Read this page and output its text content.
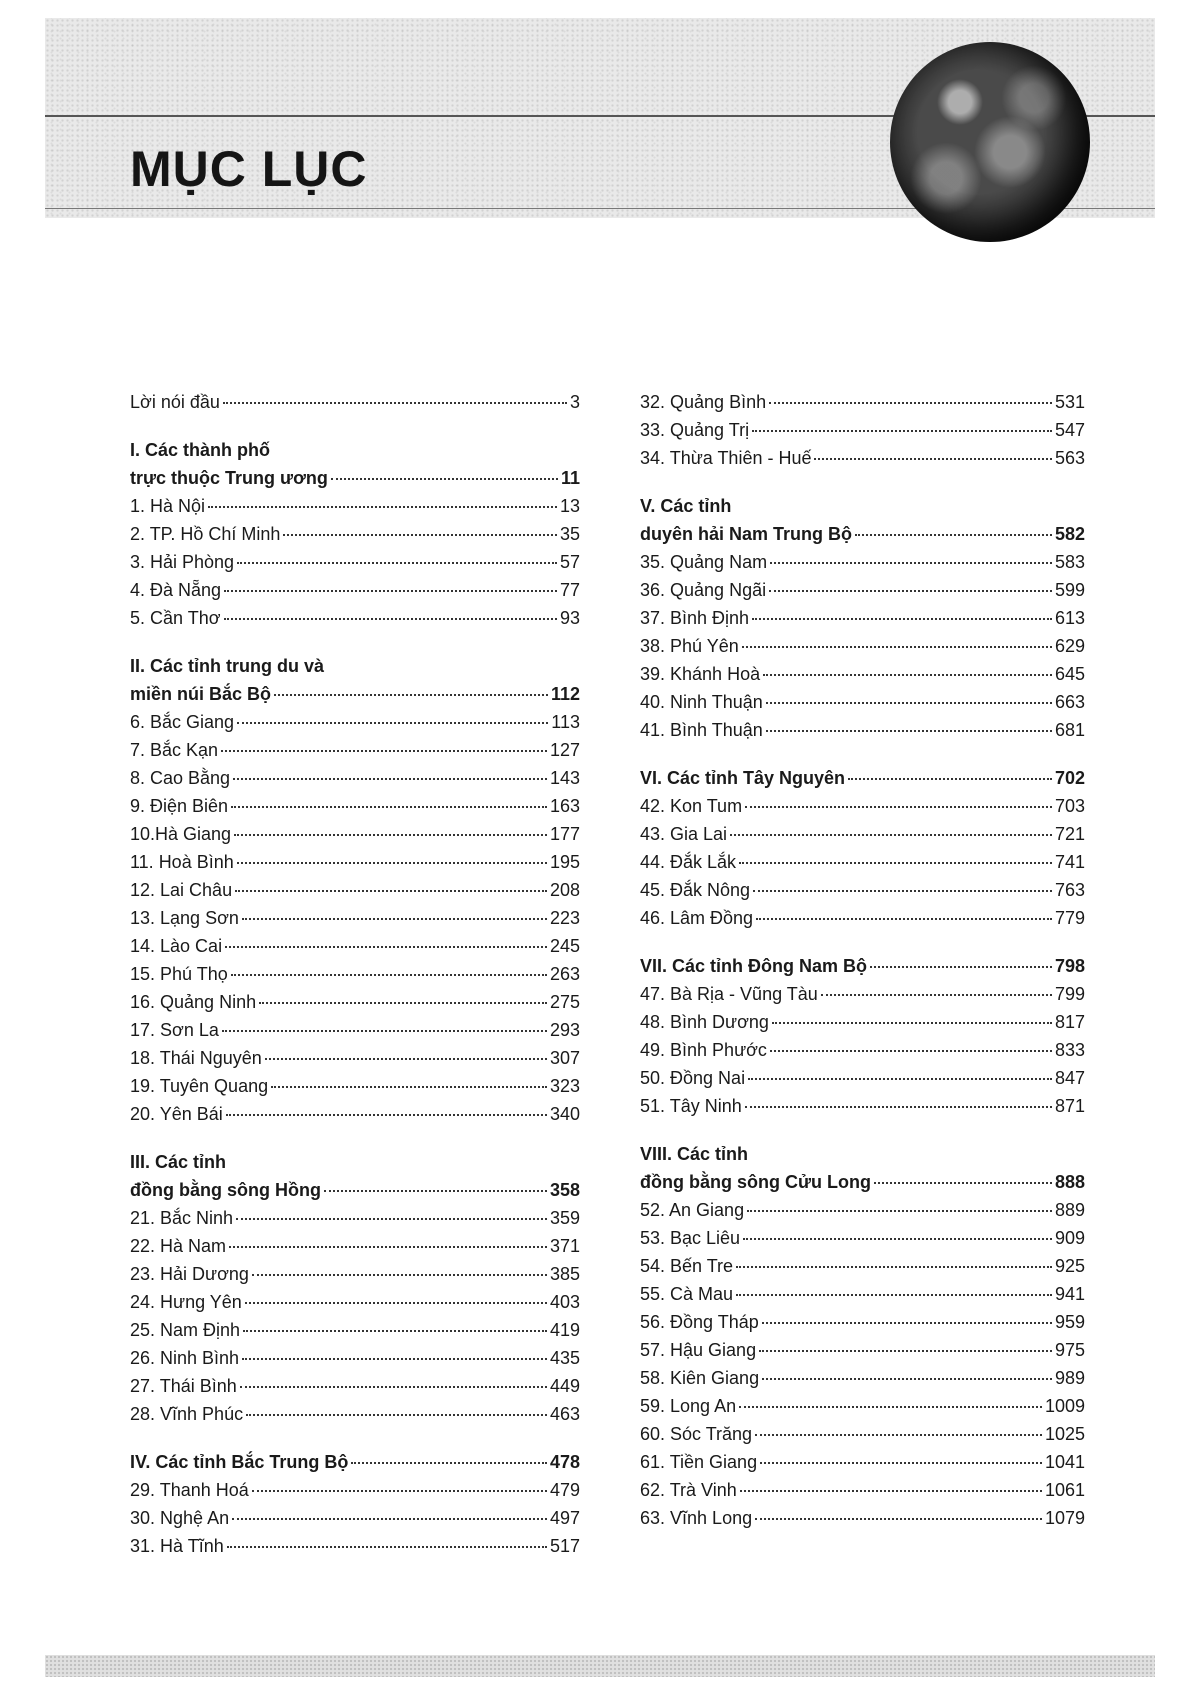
MỤC LỤC
Lời nói đầu	3
I. Các thành phố
trực thuộc Trung ương	11
1. Hà Nội	13
2. TP. Hồ Chí Minh	35
3. Hải Phòng	57
4. Đà Nẵng	77
5. Cần Thơ	93
II. Các tỉnh trung du và
miền núi Bắc Bộ	112
6. Bắc Giang	113
7. Bắc Kạn	127
8. Cao Bằng	143
9. Điện Biên	163
10.Hà Giang	177
11. Hoà Bình	195
12. Lai Châu	208
13. Lạng Sơn	223
14. Lào Cai	245
15. Phú Thọ	263
16. Quảng Ninh	275
17. Sơn La	293
18. Thái Nguyên	307
19. Tuyên Quang	323
20. Yên Bái	340
III. Các tỉnh
đồng bằng sông Hồng	358
21. Bắc Ninh	359
22. Hà Nam	371
23. Hải Dương	385
24. Hưng Yên	403
25. Nam Định	419
26. Ninh Bình	435
27. Thái Bình	449
28. Vĩnh Phúc	463
IV. Các tỉnh Bắc Trung Bộ	478
29. Thanh Hoá	479
30. Nghệ An	497
31. Hà Tĩnh	517
32. Quảng Bình	531
33. Quảng Trị	547
34. Thừa Thiên - Huế	563
V. Các tỉnh
duyên hải Nam Trung Bộ	582
35. Quảng Nam	583
36. Quảng Ngãi	599
37. Bình Định	613
38. Phú Yên	629
39. Khánh Hoà	645
40. Ninh Thuận	663
41. Bình Thuận	681
VI. Các tỉnh Tây Nguyên	702
42. Kon Tum	703
43. Gia Lai	721
44. Đắk Lắk	741
45. Đắk Nông	763
46. Lâm Đồng	779
VII. Các tỉnh Đông Nam Bộ	798
47. Bà Rịa - Vũng Tàu	799
48. Bình Dương	817
49. Bình Phước	833
50. Đồng Nai	847
51. Tây Ninh	871
VIII. Các tỉnh
đồng bằng sông Cửu Long	888
52. An Giang	889
53. Bạc Liêu	909
54. Bến Tre	925
55. Cà Mau	941
56. Đồng Tháp	959
57. Hậu Giang	975
58. Kiên Giang	989
59. Long An	1009
60. Sóc Trăng	1025
61. Tiền Giang	1041
62. Trà Vinh	1061
63. Vĩnh Long	1079
